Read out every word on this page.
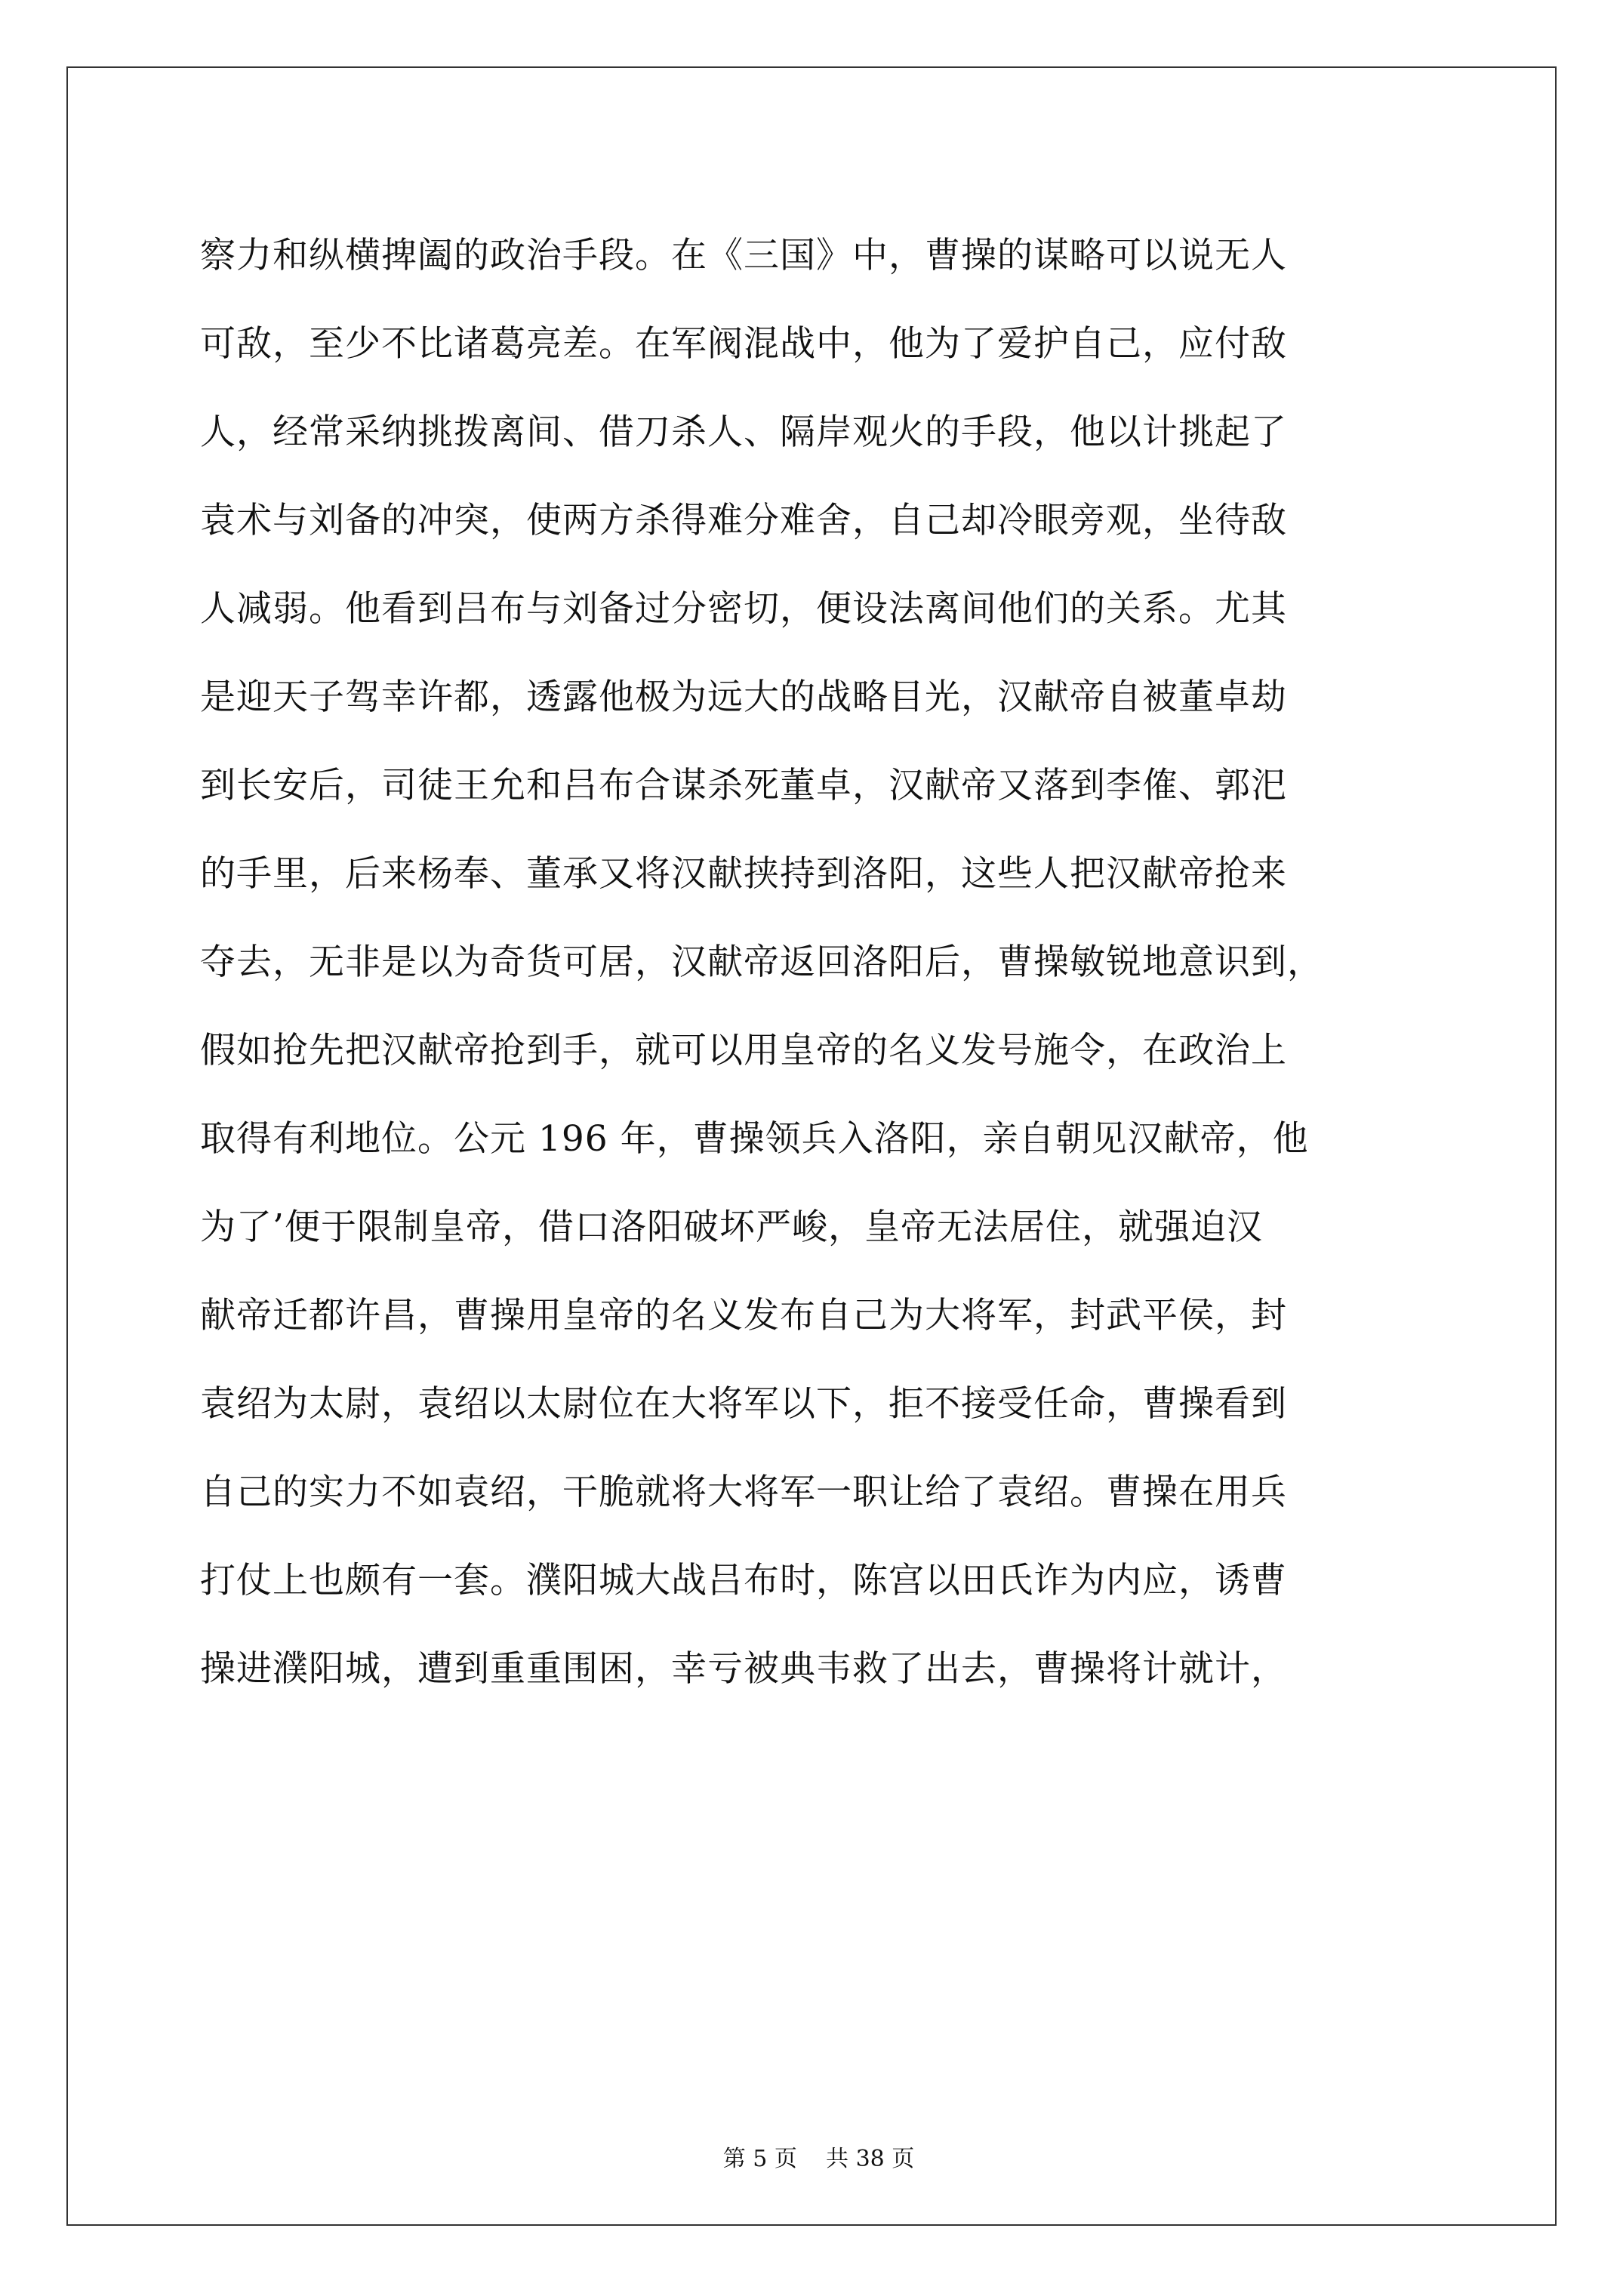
察力和纵横捭阖的政治手段。在《三国》中，曹操的谋略可以说无人
可敌，至少不比诸葛亮差。在军阀混战中，他为了爱护自己，应付敌
人，经常采纳挑拨离间、借刀杀人、隔岸观火的手段，他以计挑起了
袁术与刘备的冲突，使两方杀得难分难舍，自己却冷眼旁观，坐待敌
人减弱。他看到吕布与刘备过分密切，便设法离间他们的关系。尤其
是迎天子驾幸许都，透露他极为远大的战略目光，汉献帝自被董卓劫
到长安后，司徒王允和吕布合谋杀死董卓，汉献帝又落到李傕、郭汜
的手里，后来杨奉、董承又将汉献挟持到洛阳，这些人把汉献帝抢来
夺去，无非是以为奇货可居，汉献帝返回洛阳后，曹操敏锐地意识到，
假如抢先把汉献帝抢到手，就可以用皇帝的名义发号施令，在政治上
取得有利地位。公元 196 年，曹操领兵入洛阳，亲自朝见汉献帝，他
为了’便于限制皇帝，借口洛阳破坏严峻，皇帝无法居住，就强迫汉
献帝迁都许昌，曹操用皇帝的名义发布自己为大将军，封武平侯，封
袁绍为太尉，袁绍以太尉位在大将军以下，拒不接受任命，曹操看到
自己的实力不如袁绍，干脆就将大将军一职让给了袁绍。曹操在用兵
打仗上也颇有一套。濮阳城大战吕布时，陈宫以田氏诈为内应，诱曹
操进濮阳城，遭到重重围困，幸亏被典韦救了出去，曹操将计就计，

第 5 页    共 38 页
